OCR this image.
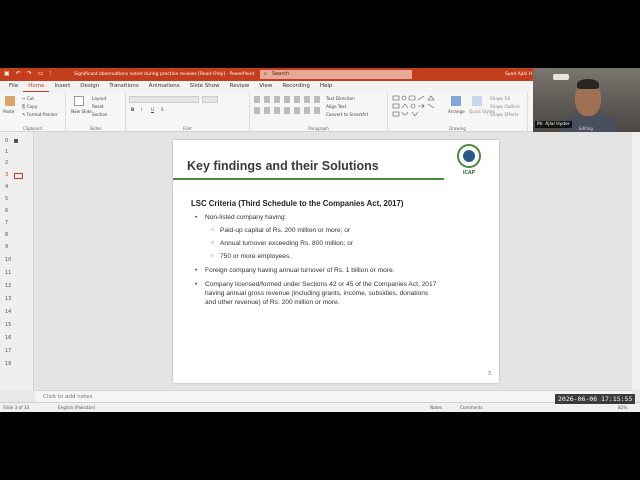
▣ ↶ ↷ ▭ ⁝	Significant observations noted during practice reviews [Read-Only] - PowerPoint ⌕ Search	Syed Ajlal H
File	Home	Insert	Design	Transitions	Animations	Slide Show	Review	View	Recording	Help
Paste
✂ Cut
⎘ Copy
✎ Format Painter
Clipboard
New Slide
Layout
Reset
Section
Slides
B I U S
Font
Text Direction
Align Text
Convert to SmartArt
Paragraph
Arrange Quick Styles
Shape Fill
Shape Outline
Shape Effects
Drawing
0
1
2
3
4
5
6
7
8
9
10
11
12
13
14
15
16
17
18
Key findings and their Solutions	ICAP
LSC Criteria (Third Schedule to the Companies Act, 2017)
• Non-listed company having:
○ Paid-up capital of Rs. 200 million or more; or
○ Annual turnover exceeding Rs. 800 million; or
○ 750 or more employees.
• Foreign company having annual turnover of Rs. 1 billion or more.
• Company licensed/formed under Sections 42 or 45 of the Companies Act, 2017
having annual gross revenue (including grants, income, subsidies, donations
and other revenue) of Rs. 200 million or more.
3
Click to add notes
Slide 3 of 33	English (Pakistan)	Notes	Comments	82%
Mr. Ajlal Hyder
Editing
2026-06-06 17:15:55
